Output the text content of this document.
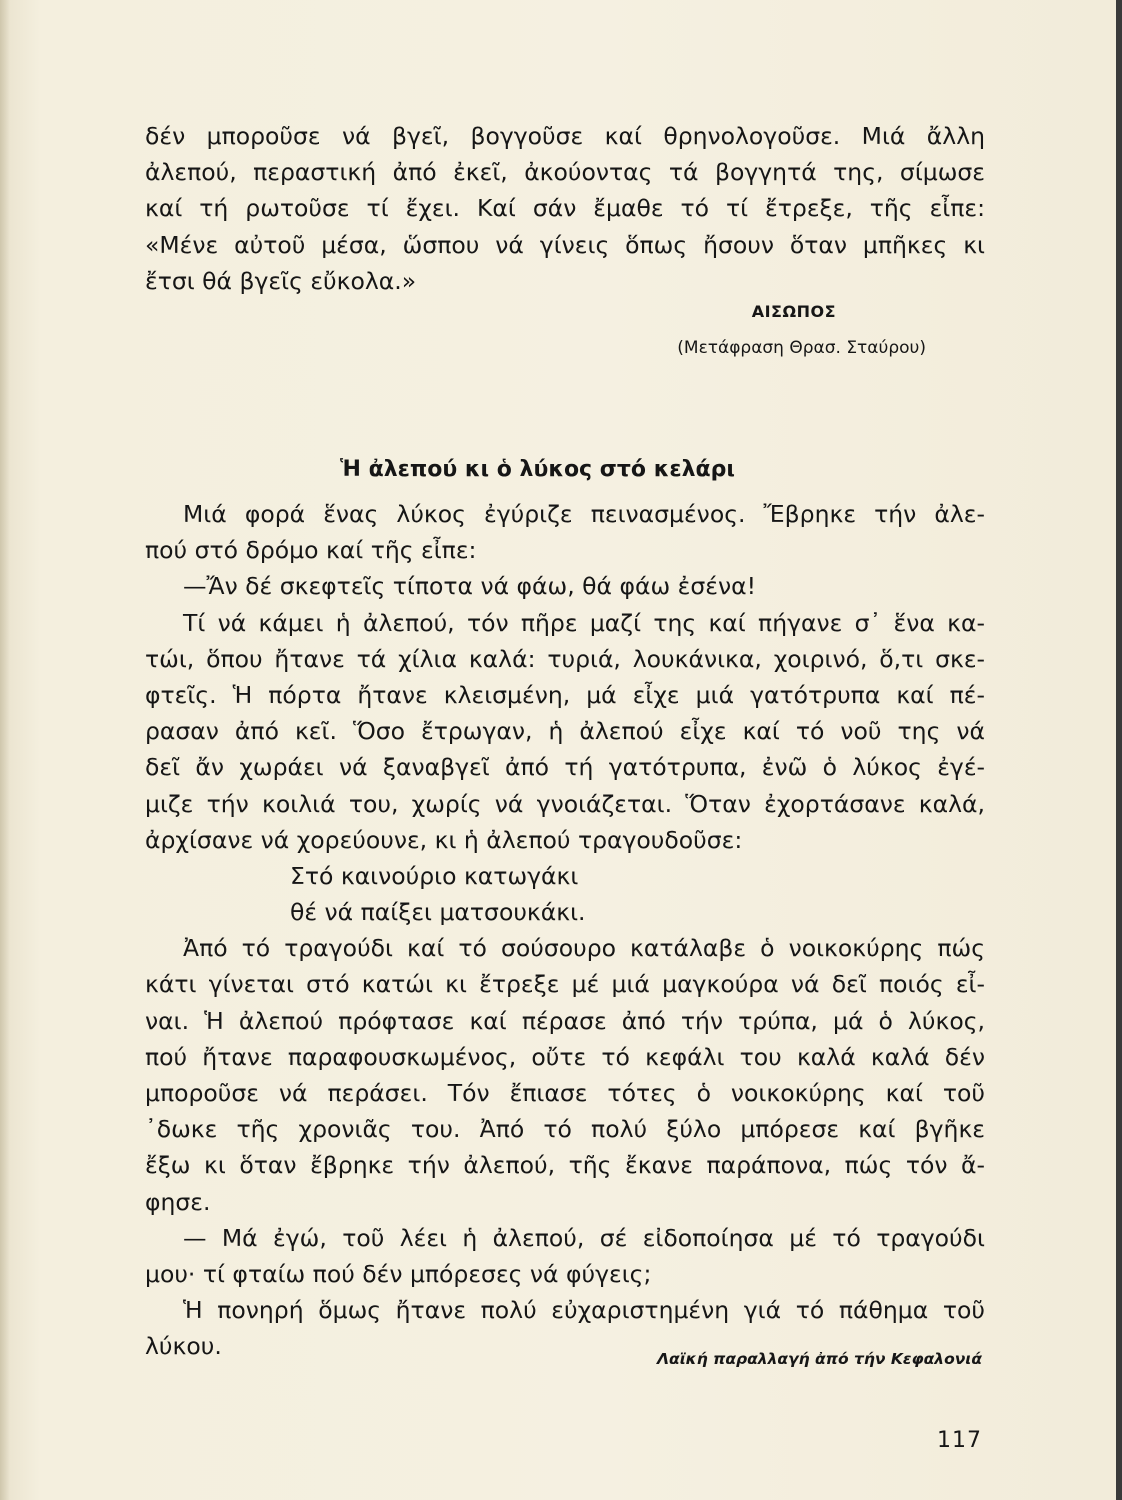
δέν μποροῦσε νά βγεῖ, βογγοῦσε καί θρηνολογοῦσε. Μιά ἄλλη
ἀλεπού, περαστική ἀπό ἐκεῖ, ἀκούοντας τά βογγητά της, σίμωσε
καί τή ρωτοῦσε τί ἔχει. Καί σάν ἔμαθε τό τί ἔτρεξε, τῆς εἶπε:
«Μένε αὐτοῦ μέσα, ὥσπου νά γίνεις ὅπως ἤσουν ὅταν μπῆκες κι
ἔτσι θά βγεῖς εὔκολα.»
ΑΙΣΩΠΟΣ
(Μετάφραση Θρασ. Σταύρου)
Ἡ ἀλεπού κι ὁ λύκος στό κελάρι
Μιά φορά ἕνας λύκος ἐγύριζε πεινασμένος. Ἔβρηκε τήν ἀλε-
πού στό δρόμο καί τῆς εἶπε:
—Ἄν δέ σκεφτεῖς τίποτα νά φάω, θά φάω ἐσένα!
Τί νά κάμει ἡ ἀλεπού, τόν πῆρε μαζί της καί πήγανε σ᾽ ἕνα κα-
τώι, ὅπου ἤτανε τά χίλια καλά: τυριά, λουκάνικα, χοιρινό, ὅ,τι σκε-
φτεῖς. Ἡ πόρτα ἤτανε κλεισμένη, μά εἶχε μιά γατότρυπα καί πέ-
ρασαν ἀπό κεῖ. Ὅσο ἔτρωγαν, ἡ ἀλεπού εἶχε καί τό νοῦ της νά
δεῖ ἄν χωράει νά ξαναβγεῖ ἀπό τή γατότρυπα, ἐνῶ ὁ λύκος ἐγέ-
μιζε τήν κοιλιά του, χωρίς νά γνοιάζεται. Ὅταν ἐχορτάσανε καλά,
ἀρχίσανε νά χορεύουνε, κι ἡ ἀλεπού τραγουδοῦσε:
Στό καινούριο κατωγάκι
θέ νά παίξει ματσουκάκι.
Ἀπό τό τραγούδι καί τό σούσουρο κατάλαβε ὁ νοικοκύρης πώς
κάτι γίνεται στό κατώι κι ἔτρεξε μέ μιά μαγκούρα νά δεῖ ποιός εἶ-
ναι. Ἡ ἀλεπού πρόφτασε καί πέρασε ἀπό τήν τρύπα, μά ὁ λύκος,
πού ἤτανε παραφουσκωμένος, οὔτε τό κεφάλι του καλά καλά δέν
μποροῦσε νά περάσει. Τόν ἔπιασε τότες ὁ νοικοκύρης καί τοῦ
᾽δωκε τῆς χρονιᾶς του. Ἀπό τό πολύ ξύλο μπόρεσε καί βγῆκε
ἔξω κι ὅταν ἔβρηκε τήν ἀλεπού, τῆς ἔκανε παράπονα, πώς τόν ἄ-
φησε.
— Μά ἐγώ, τοῦ λέει ἡ ἀλεπού, σέ εἰδοποίησα μέ τό τραγούδι
μου· τί φταίω πού δέν μπόρεσες νά φύγεις;
Ἡ πονηρή ὅμως ἤτανε πολύ εὐχαριστημένη γιά τό πάθημα τοῦ
λύκου.	Λαϊκή παραλλαγή ἀπό τήν Κεφαλονιά
117
